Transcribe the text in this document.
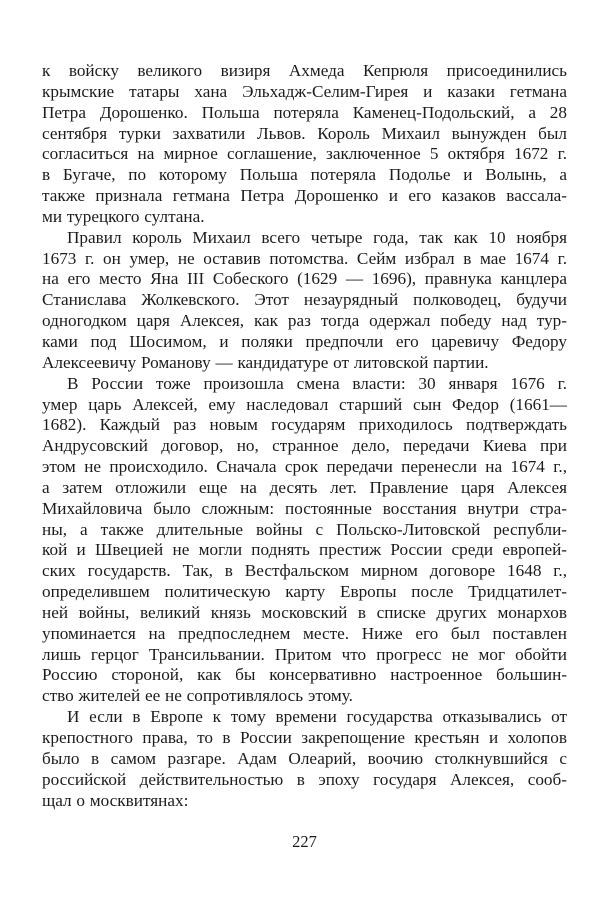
к войску великого визиря Ахмеда Кепрюля присоединились
крымские татары хана Эльхадж-Селим-Гирея и казаки гетмана
Петра Дорошенко. Польша потеряла Каменец-Подольский, а 28
сентября турки захватили Львов. Король Михаил вынужден был
согласиться на мирное соглашение, заключенное 5 октября 1672 г.
в Бугаче, по которому Польша потеряла Подолье и Волынь, а
также признала гетмана Петра Дорошенко и его казаков вассала-
ми турецкого султана.
Правил король Михаил всего четыре года, так как 10 ноября
1673 г. он умер, не оставив потомства. Сейм избрал в мае 1674 г.
на его место Яна III Собеского (1629 — 1696), правнука канцлера
Станислава Жолкевского. Этот незаурядный полководец, будучи
одногодком царя Алексея, как раз тогда одержал победу над тур-
ками под Шосимом, и поляки предпочли его царевичу Федору
Алексеевичу Романову — кандидатуре от литовской партии.
В России тоже произошла смена власти: 30 января 1676 г.
умер царь Алексей, ему наследовал старший сын Федор (1661—
1682). Каждый раз новым государям приходилось подтверждать
Андрусовский договор, но, странное дело, передачи Киева при
этом не происходило. Сначала срок передачи перенесли на 1674 г.,
а затем отложили еще на десять лет. Правление царя Алексея
Михайловича было сложным: постоянные восстания внутри стра-
ны, а также длительные войны с Польско-Литовской республи-
кой и Швецией не могли поднять престиж России среди европей-
ских государств. Так, в Вестфальском мирном договоре 1648 г.,
определившем политическую карту Европы после Тридцатилет-
ней войны, великий князь московский в списке других монархов
упоминается на предпоследнем месте. Ниже его был поставлен
лишь герцог Трансильвании. Притом что прогресс не мог обойти
Россию стороной, как бы консервативно настроенное большин-
ство жителей ее не сопротивлялось этому.
И если в Европе к тому времени государства отказывались от
крепостного права, то в России закрепощение крестьян и холопов
было в самом разгаре. Адам Олеарий, воочию столкнувшийся с
российской действительностью в эпоху государя Алексея, сооб-
щал о москвитянах:
227
